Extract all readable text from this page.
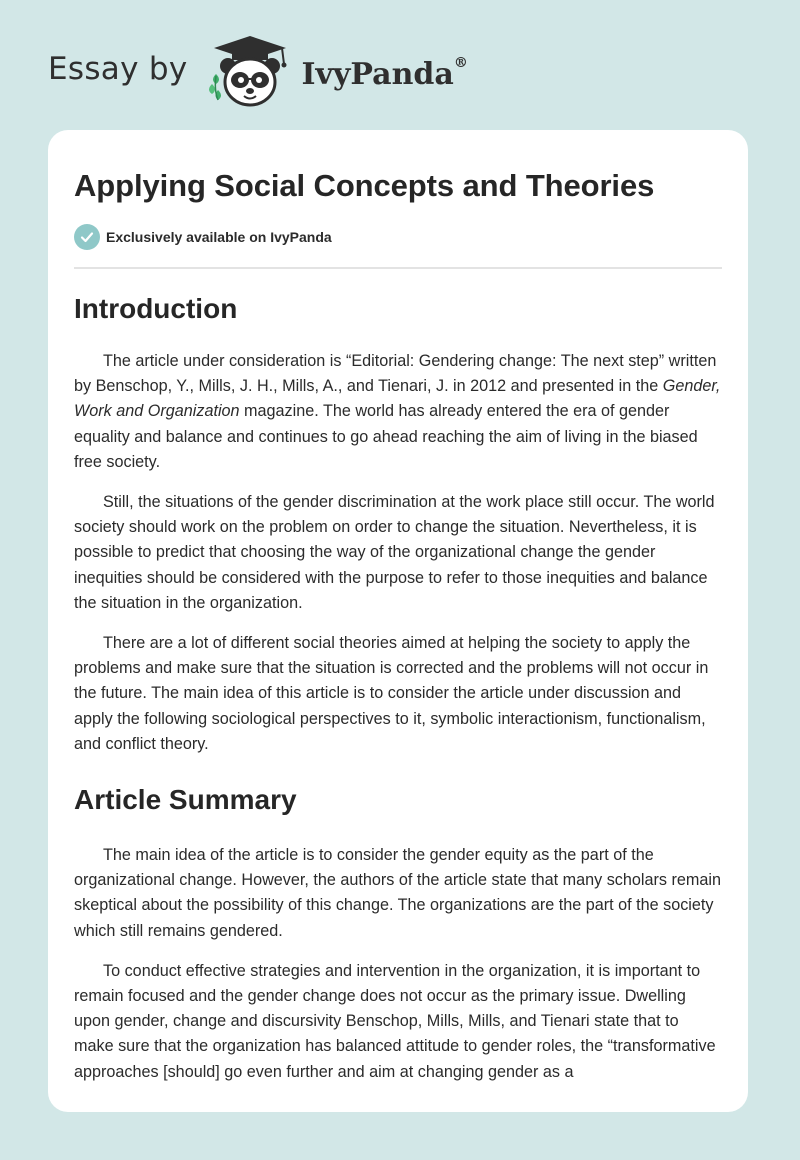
Essay by	IvyPanda®
Applying Social Concepts and Theories
Exclusively available on IvyPanda
Introduction

The article under consideration is “Editorial: Gendering change: The next step” written by Benschop, Y., Mills, J. H., Mills, A., and Tienari, J. in 2012 and presented in the Gender, Work and Organization magazine. The world has already entered the era of gender equality and balance and continues to go ahead reaching the aim of living in the biased free society.

Still, the situations of the gender discrimination at the work place still occur. The world society should work on the problem on order to change the situation. Nevertheless, it is possible to predict that choosing the way of the organizational change the gender inequities should be considered with the purpose to refer to those inequities and balance the situation in the organization.

There are a lot of different social theories aimed at helping the society to apply the problems and make sure that the situation is corrected and the problems will not occur in the future. The main idea of this article is to consider the article under discussion and apply the following sociological perspectives to it, symbolic interactionism, functionalism, and conflict theory.

Article Summary

The main idea of the article is to consider the gender equity as the part of the organizational change. However, the authors of the article state that many scholars remain skeptical about the possibility of this change. The organizations are the part of the society which still remains gendered.

To conduct effective strategies and intervention in the organization, it is important to remain focused and the gender change does not occur as the primary issue. Dwelling upon gender, change and discursivity Benschop, Mills, Mills, and Tienari state that to make sure that the organization has balanced attitude to gender roles, the “transformative approaches [should] go even further and aim at changing gender as a
